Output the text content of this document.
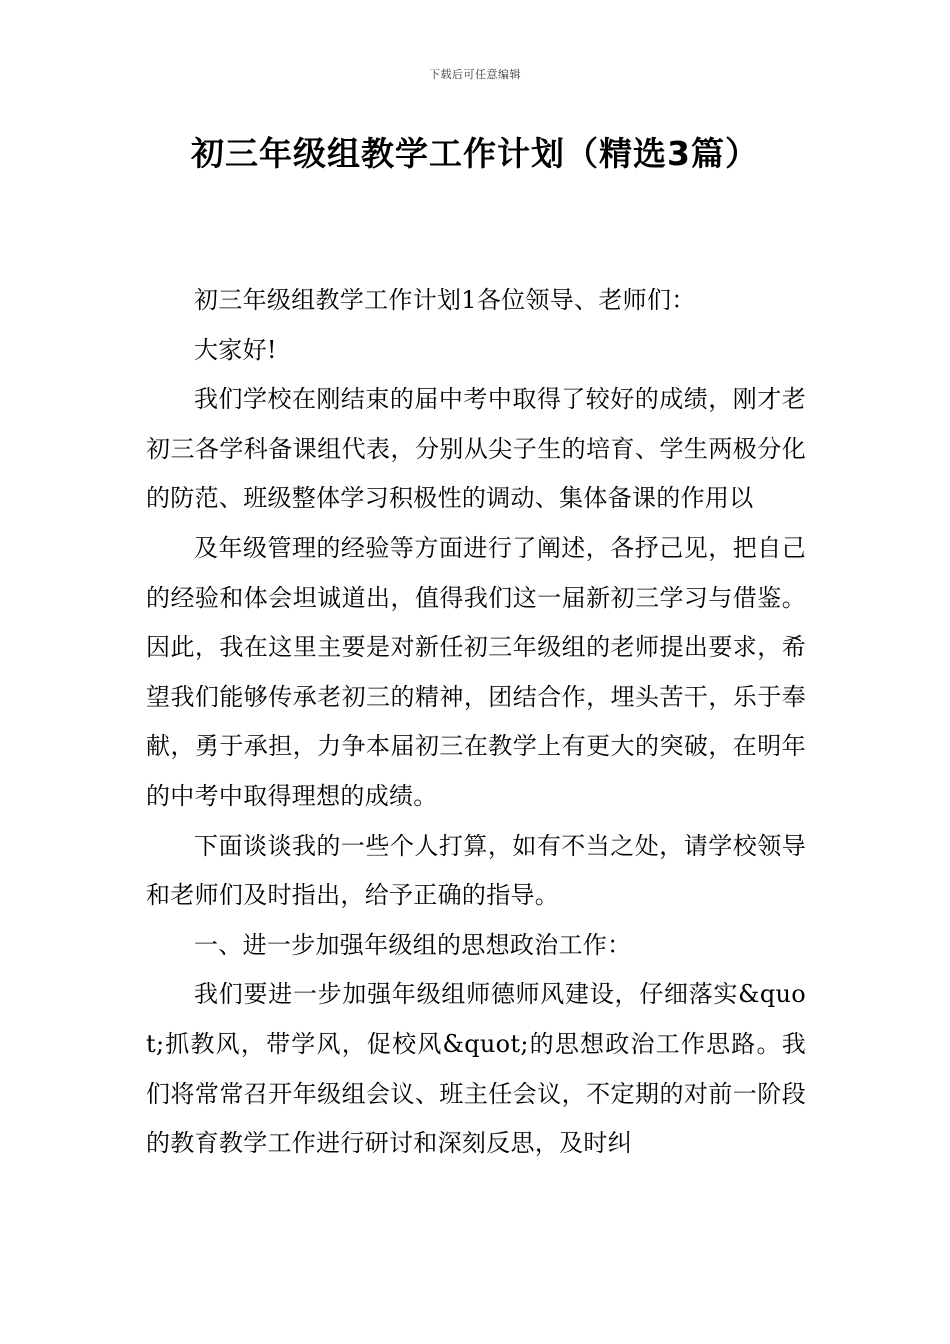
下载后可任意编辑
初三年级组教学工作计划（精选3篇）

初三年级组教学工作计划1各位领导、老师们：

大家好!

我们学校在刚结束的届中考中取得了较好的成绩，刚才老初三各学科备课组代表，分别从尖子生的培育、学生两极分化的防范、班级整体学习积极性的调动、集体备课的作用以

及年级管理的经验等方面进行了阐述，各抒己见，把自己的经验和体会坦诚道出，值得我们这一届新初三学习与借鉴。因此，我在这里主要是对新任初三年级组的老师提出要求，希望我们能够传承老初三的精神，团结合作，埋头苦干，乐于奉献，勇于承担，力争本届初三在教学上有更大的突破，在明年的中考中取得理想的成绩。

下面谈谈我的一些个人打算，如有不当之处，请学校领导和老师们及时指出，给予正确的指导。

一、进一步加强年级组的思想政治工作：

我们要进一步加强年级组师德师风建设，仔细落实&quot;抓教风，带学风，促校风&quot;的思想政治工作思路。我们将常常召开年级组会议、班主任会议，不定期的对前一阶段的教育教学工作进行研讨和深刻反思，及时纠
